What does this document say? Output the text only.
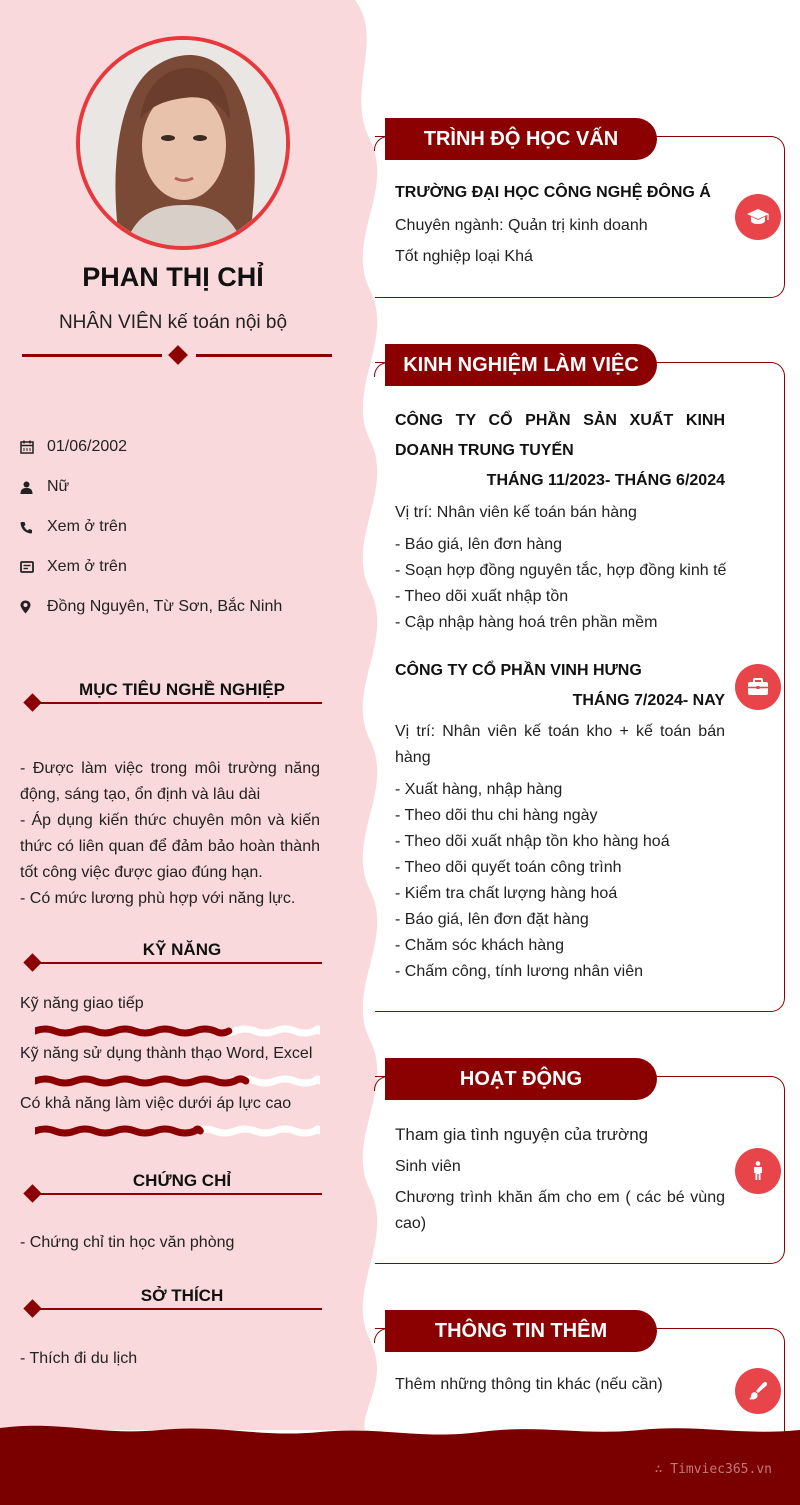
PHAN THỊ CHỈ
NHÂN VIÊN kế toán nội bộ
01/06/2002
Nữ
Xem ở trên
Xem ở trên
Đồng Nguyên, Từ Sơn, Bắc Ninh
MỤC TIÊU NGHỀ NGHIỆP
- Được làm việc trong môi trường năng động, sáng tạo, ổn định và lâu dài
- Áp dụng kiến thức chuyên môn và kiến thức có liên quan để đảm bảo hoàn thành tốt công việc được giao đúng hạn.
- Có mức lương phù hợp với năng lực.
KỸ NĂNG
Kỹ năng giao tiếp
Kỹ năng sử dụng thành thạo Word, Excel
Có khả năng làm việc dưới áp lực cao
CHỨNG CHỈ
- Chứng chỉ tin học văn phòng
SỞ THÍCH
- Thích đi du lịch
TRÌNH ĐỘ HỌC VẤN
TRƯỜNG ĐẠI HỌC CÔNG NGHỆ ĐÔNG Á
Chuyên ngành: Quản trị kinh doanh
Tốt nghiệp loại Khá
KINH NGHIỆM LÀM VIỆC
CÔNG TY CỔ PHẦN SẢN XUẤT KINH DOANH TRUNG TUYẾN
THÁNG 11/2023- THÁNG 6/2024
Vị trí: Nhân viên kế toán bán hàng
- Báo giá, lên đơn hàng
- Soạn hợp đồng nguyên tắc, hợp đồng kinh tế
- Theo dõi xuất nhập tồn
- Cập nhập hàng hoá trên phần mềm
CÔNG TY CỔ PHẦN VINH HƯNG
THÁNG 7/2024- NAY
Vị trí: Nhân viên kế toán kho + kế toán bán hàng
- Xuất hàng, nhập hàng
- Theo dõi thu chi hàng ngày
- Theo dõi xuất nhập tồn kho hàng hoá
- Theo dõi quyết toán công trình
- Kiểm tra chất lượng hàng hoá
- Báo giá, lên đơn đặt hàng
- Chăm sóc khách hàng
- Chấm công, tính lương nhân viên
HOẠT ĐỘNG
Tham gia tình nguyện của trường
Sinh viên
Chương trình khăn ấm cho em ( các bé vùng cao)
THÔNG TIN THÊM
Thêm những thông tin khác (nếu cần)
∴ Timviec365.vn
